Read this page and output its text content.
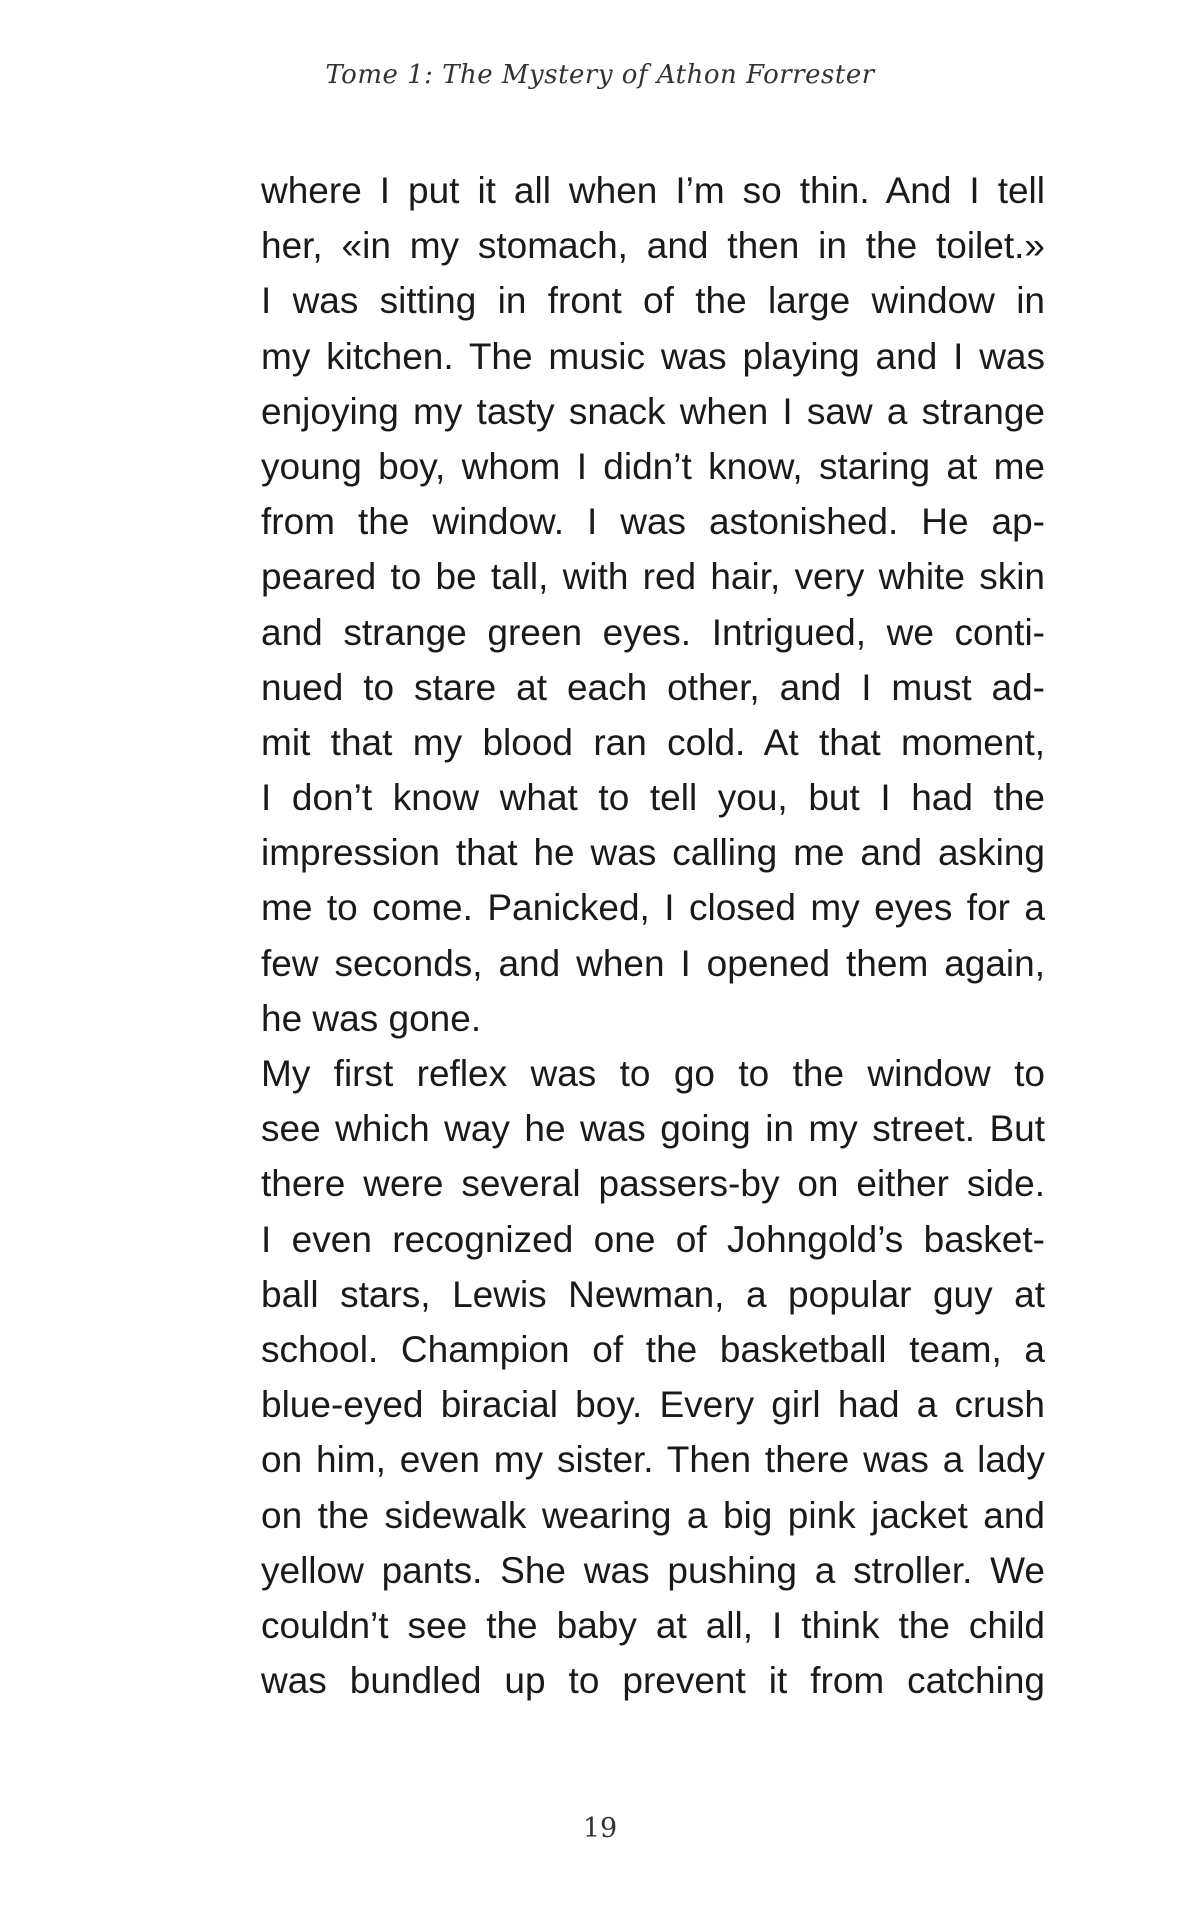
Tome 1: The Mystery of Athon Forrester
where I put it all when I’m so thin. And I tell
her, «in my stomach, and then in the toilet.»
I was sitting in front of the large window in
my kitchen. The music was playing and I was
enjoying my tasty snack when I saw a strange
young boy, whom I didn’t know, staring at me
from the window. I was astonished. He ap-
peared to be tall, with red hair, very white skin
and strange green eyes. Intrigued, we conti-
nued to stare at each other, and I must ad-
mit that my blood ran cold. At that moment,
I don’t know what to tell you, but I had the
impression that he was calling me and asking
me to come. Panicked, I closed my eyes for a
few seconds, and when I opened them again,
he was gone.
My first reflex was to go to the window to
see which way he was going in my street. But
there were several passers-by on either side.
I even recognized one of Johngold’s basket-
ball stars, Lewis Newman, a popular guy at
school. Champion of the basketball team, a
blue-eyed biracial boy. Every girl had a crush
on him, even my sister. Then there was a lady
on the sidewalk wearing a big pink jacket and
yellow pants. She was pushing a stroller. We
couldn’t see the baby at all, I think the child
was bundled up to prevent it from catching
19
